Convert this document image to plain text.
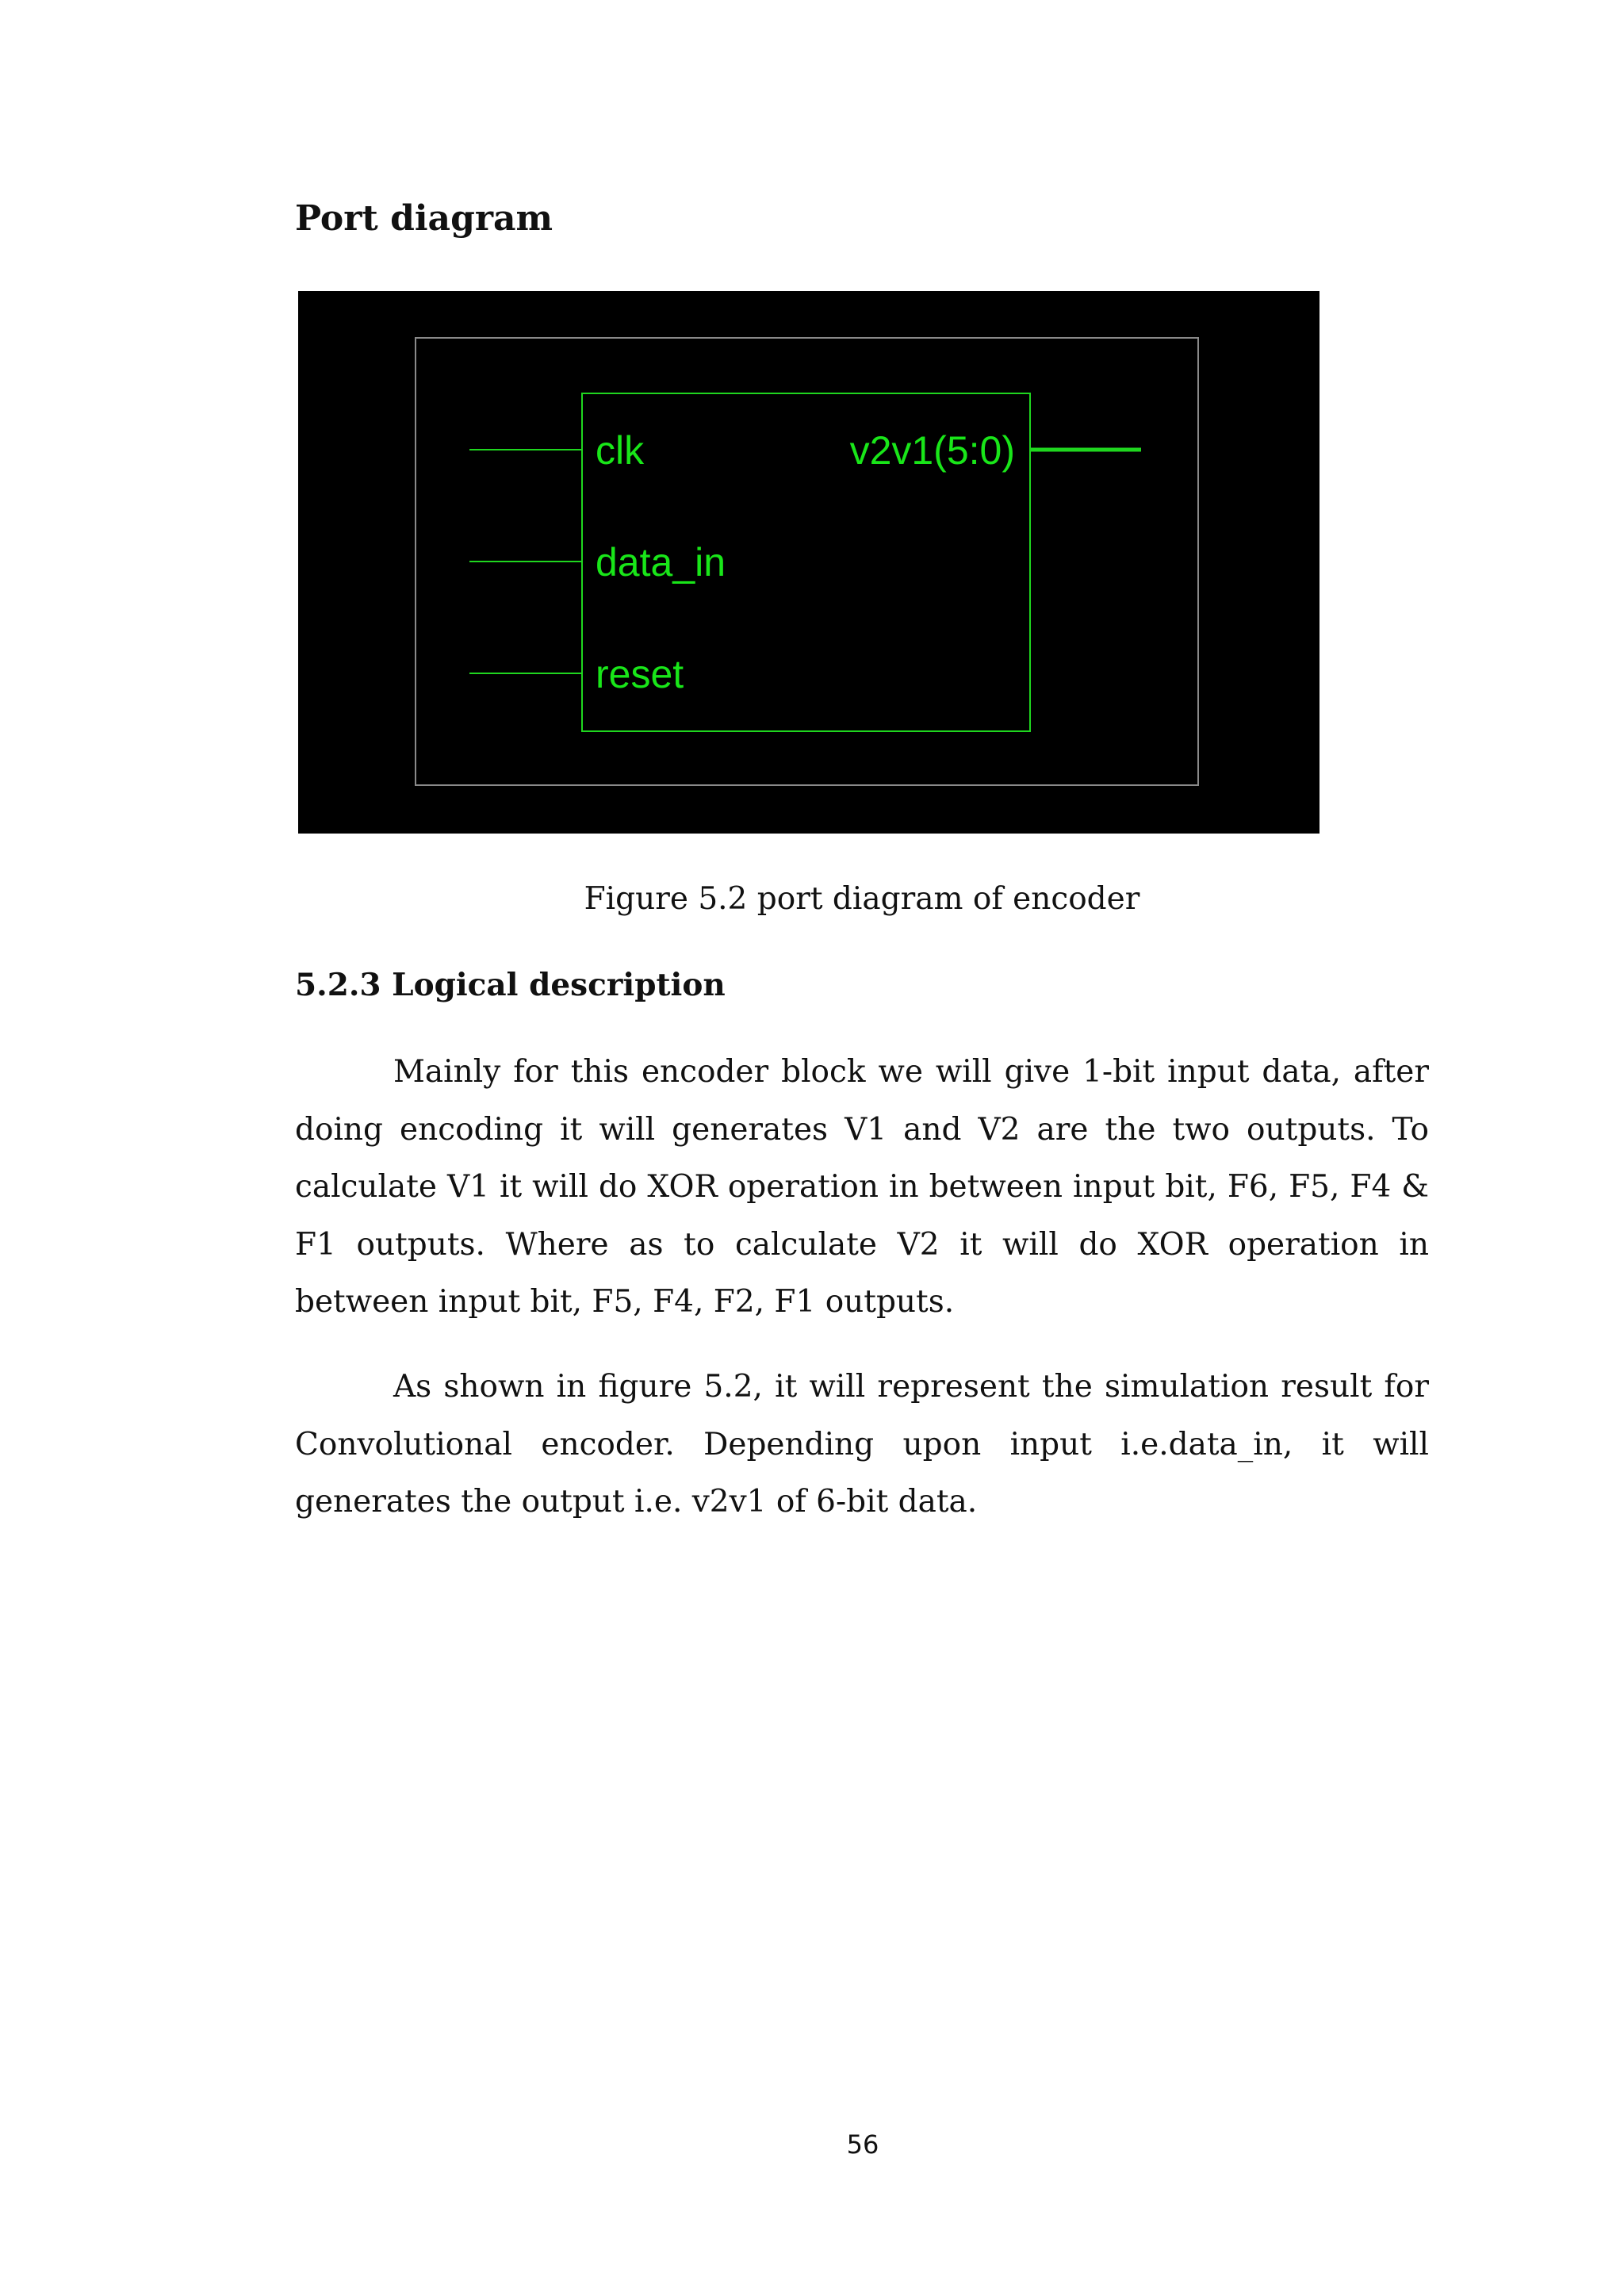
Port diagram
clk
data_in
reset
v2v1(5:0)

Figure 5.2 port diagram of encoder

5.2.3 Logical description

Mainly for this encoder block we will give 1-bit input data, after doing encoding it will generates V1 and V2 are the two outputs. To calculate V1 it will do XOR operation in between input bit, F6, F5, F4 & F1 outputs. Where as to calculate V2 it will do XOR operation in between input bit, F5, F4, F2, F1 outputs.

As shown in figure 5.2, it will represent the simulation result for Convolutional encoder. Depending upon input i.e.data_in, it will generates the output i.e. v2v1 of 6-bit data.

56
